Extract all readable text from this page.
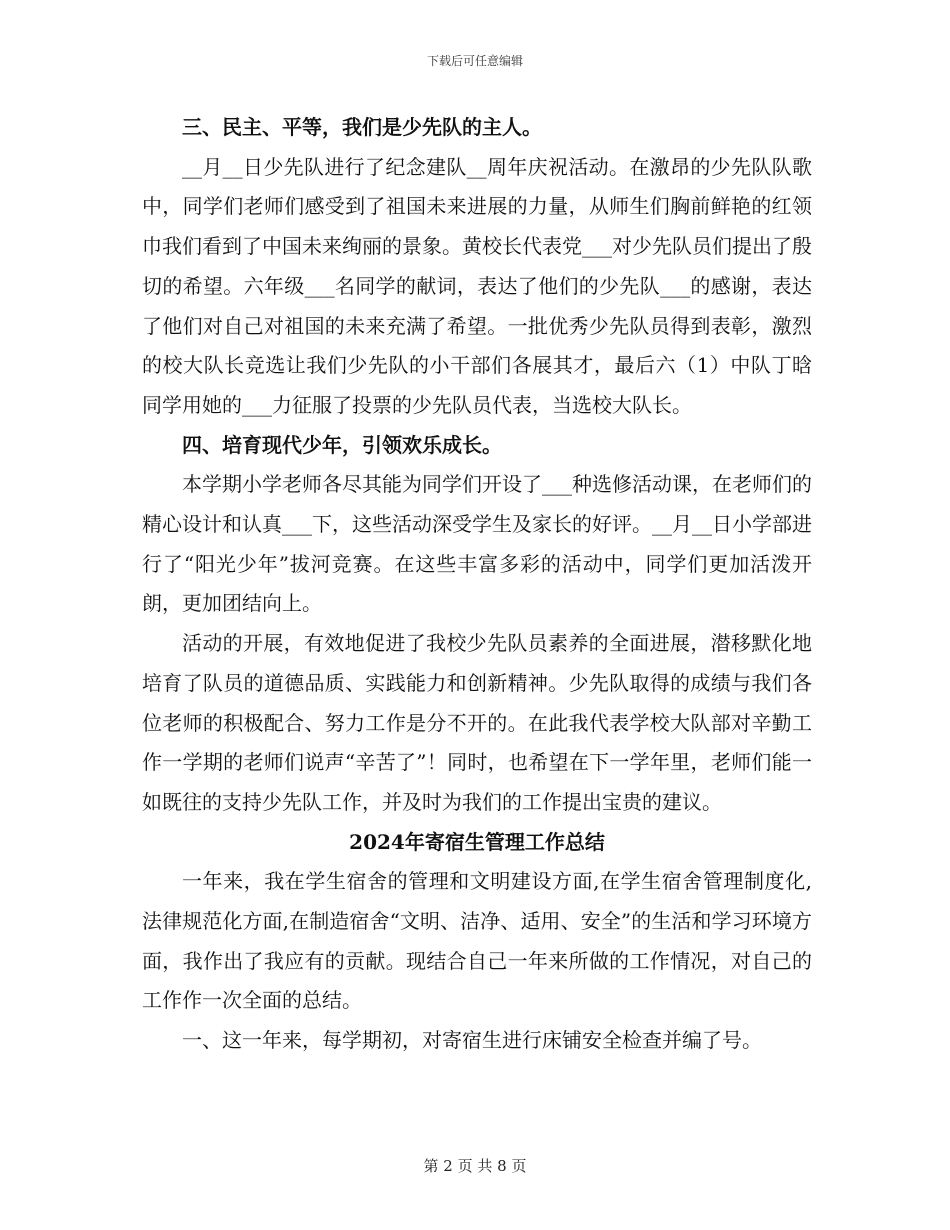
下载后可任意编辑

三、民主、平等，我们是少先队的主人。

__月__日少先队进行了纪念建队__周年庆祝活动。在激昂的少先队队歌中，同学们老师们感受到了祖国未来进展的力量，从师生们胸前鲜艳的红领巾我们看到了中国未来绚丽的景象。黄校长代表党___对少先队员们提出了殷切的希望。六年级___名同学的献词，表达了他们的少先队___的感谢，表达了他们对自己对祖国的未来充满了希望。一批优秀少先队员得到表彰，激烈的校大队长竞选让我们少先队的小干部们各展其才，最后六（1）中队丁晗同学用她的___力征服了投票的少先队员代表，当选校大队长。

四、培育现代少年，引领欢乐成长。

本学期小学老师各尽其能为同学们开设了___种选修活动课，在老师们的精心设计和认真___下，这些活动深受学生及家长的好评。__月__日小学部进行了“阳光少年”拔河竞赛。在这些丰富多彩的活动中，同学们更加活泼开朗，更加团结向上。

活动的开展，有效地促进了我校少先队员素养的全面进展，潜移默化地培育了队员的道德品质、实践能力和创新精神。少先队取得的成绩与我们各位老师的积极配合、努力工作是分不开的。在此我代表学校大队部对辛勤工作一学期的老师们说声“辛苦了”！同时，也希望在下一学年里，老师们能一如既往的支持少先队工作，并及时为我们的工作提出宝贵的建议。

2024年寄宿生管理工作总结

一年来，我在学生宿舍的管理和文明建设方面,在学生宿舍管理制度化,法律规范化方面,在制造宿舍“文明、洁净、适用、安全”的生活和学习环境方面，我作出了我应有的贡献。现结合自己一年来所做的工作情况，对自己的工作作一次全面的总结。

一、这一年来，每学期初，对寄宿生进行床铺安全检查并编了号。

第 2 页 共 8 页
